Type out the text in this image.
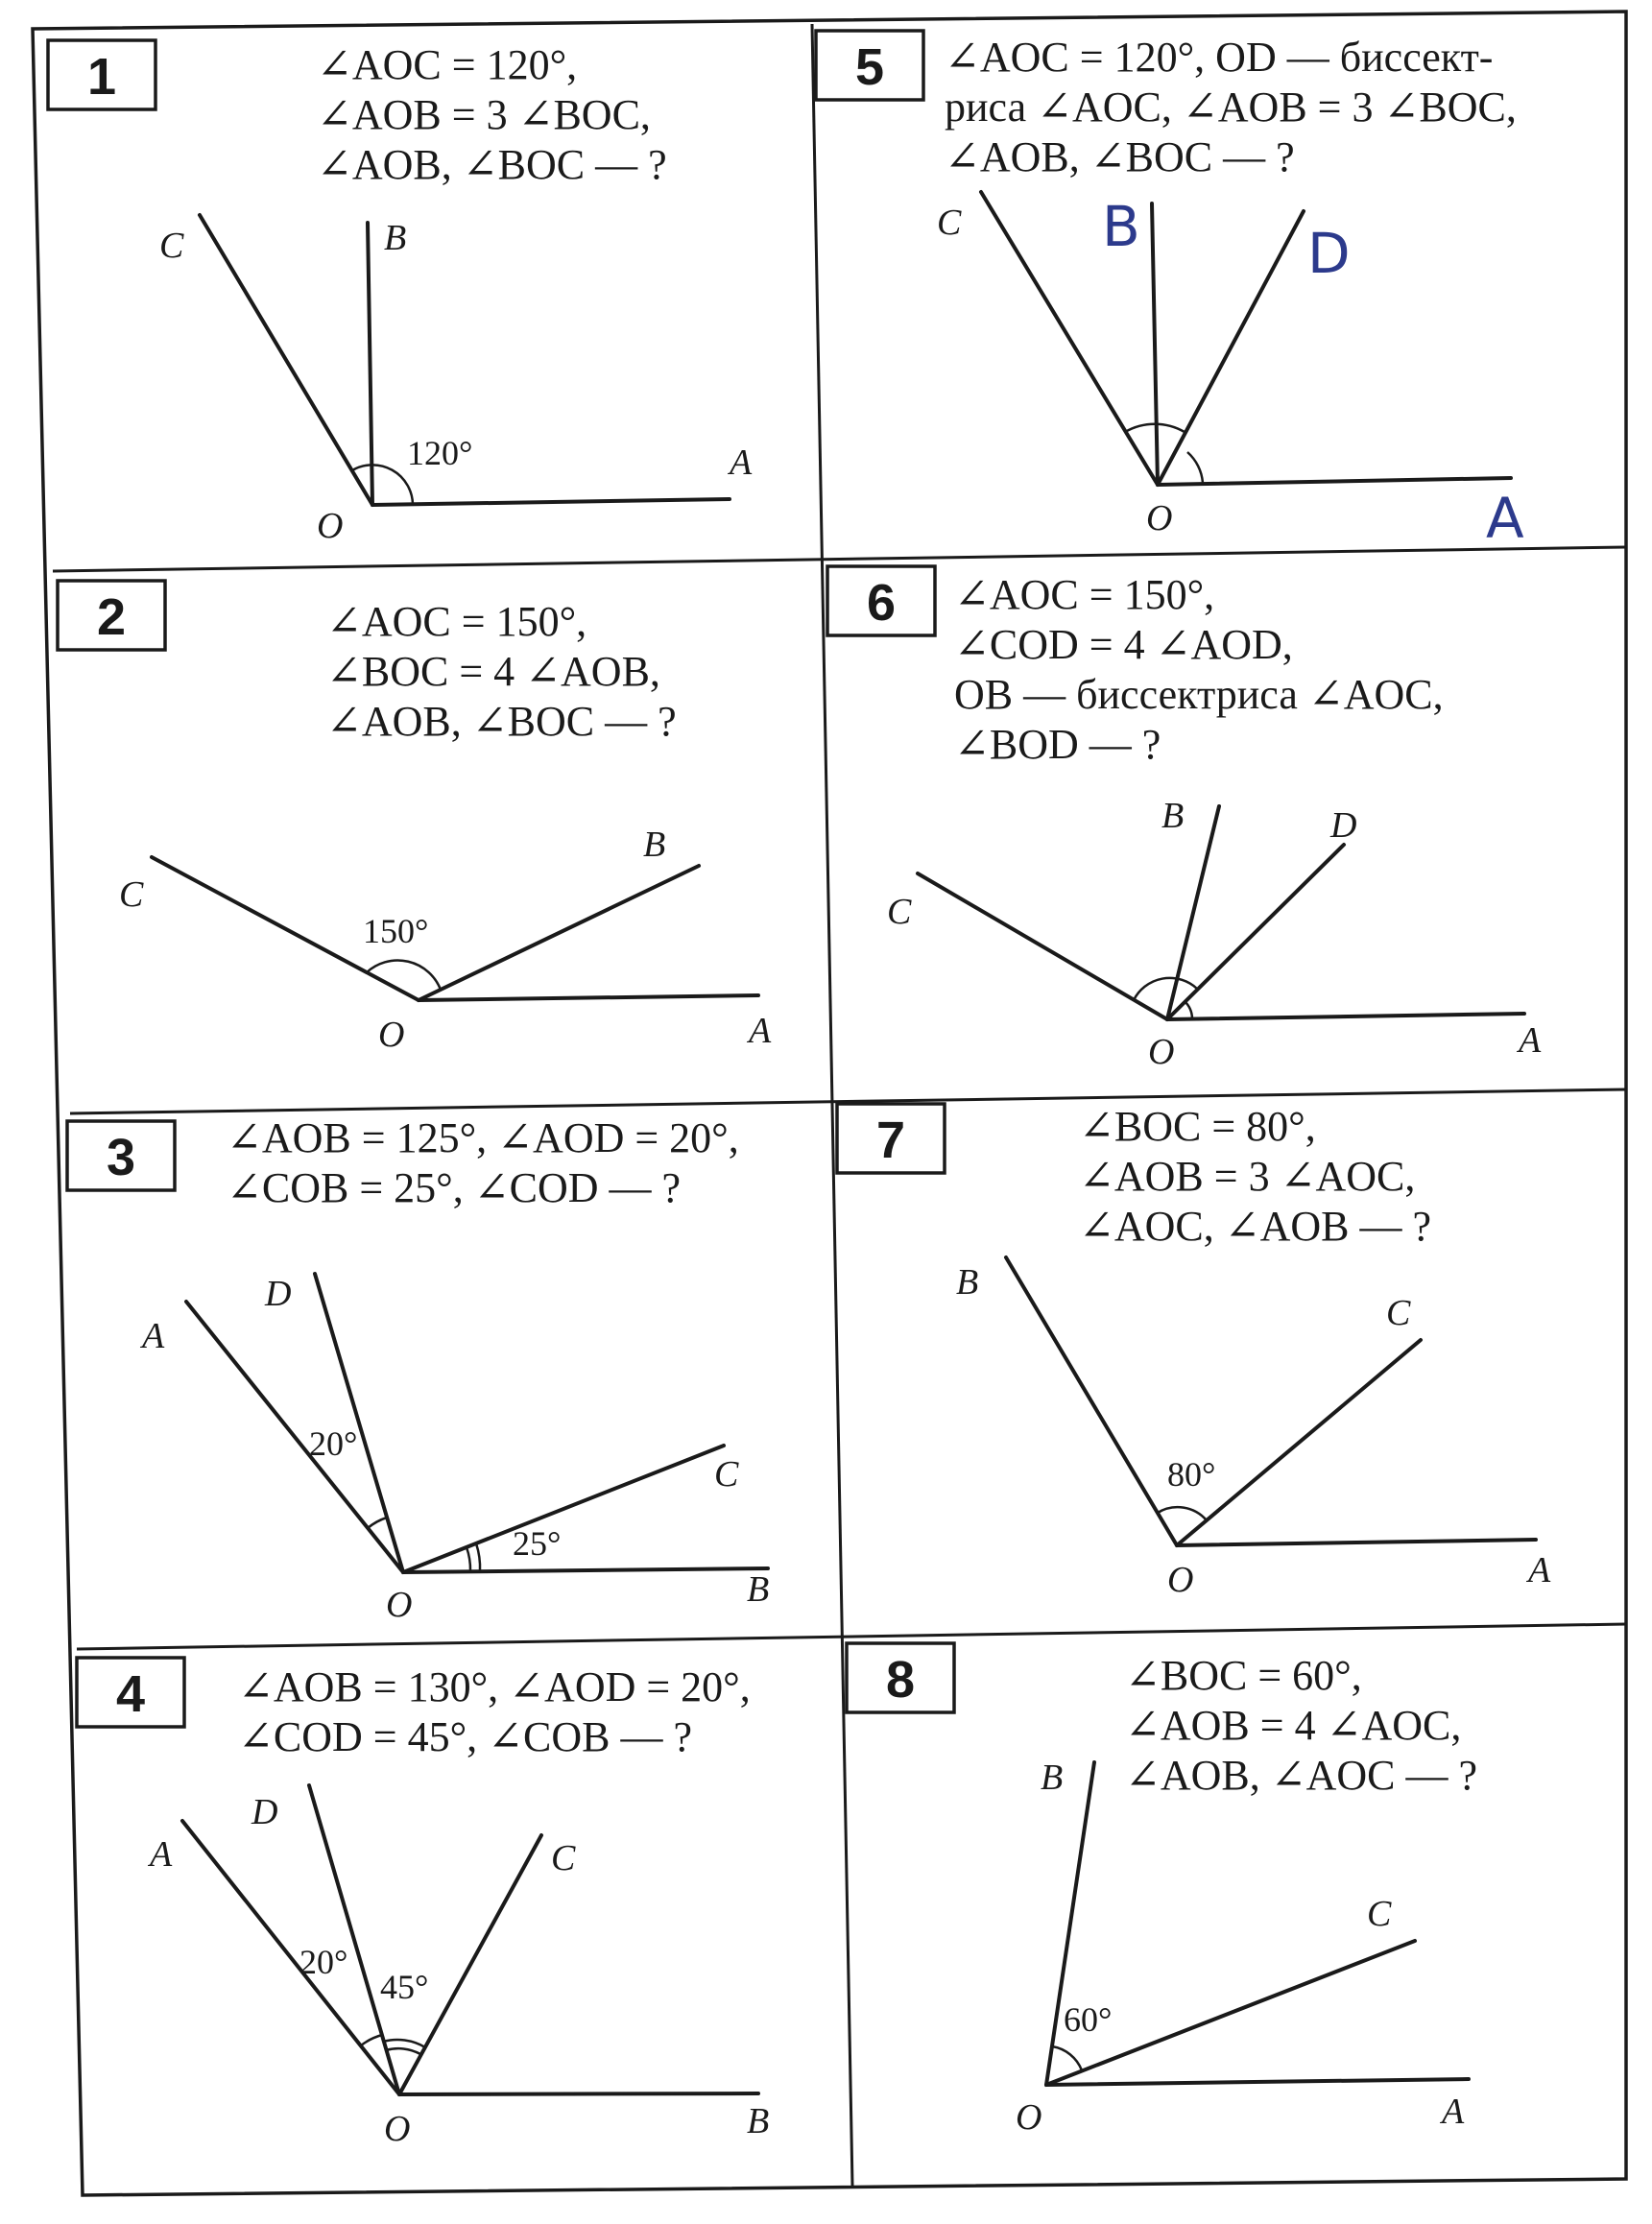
1	∠AOC = 120°,
∠AOB = 3 ∠BOC,
∠AOB, ∠BOC — ?
C	B
A
O
120°
2	∠AOC = 150°,
∠BOC = 4 ∠AOB,
∠AOB, ∠BOC — ?
C
B
A
O
150°
3 ∠AOB = 125°, ∠AOD = 20°,
∠COB = 25°, ∠COD — ?
A
D
C
B
O
20°
25°
4 ∠AOB = 130°, ∠AOD = 20°,
∠COD = 45°, ∠COB — ?
A
D
C
B
O
20°
45°
5 ∠AOC = 120°, OD — биссект-
риса ∠AOC, ∠AOB = 3 ∠BOC,
∠AOB, ∠BOC — ?
C
O
B	D
A
6 ∠AOC = 150°,
∠COD = 4 ∠AOD,
OB — биссектриса ∠AOC,
∠BOD — ?
B	D
C
A
O
7	∠BOC = 80°,
∠AOB = 3 ∠AOC,
∠AOC, ∠AOB — ?
B
C
A
O
80°
8	∠BOC = 60°,
∠AOB = 4 ∠AOC,
∠AOB, ∠AOC — ?
B
C
A
O
60°
